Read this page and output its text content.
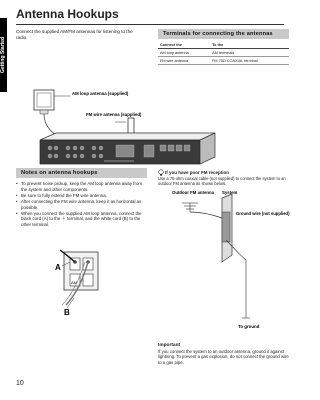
Getting Started
Antenna Hookups
Connect the supplied AM/FM antennas for listening to the radio.
Terminals for connecting the antennas
Connect the	To the
AM loop antenna	AM terminals
FM wire antenna	FM 75Ω COAXIAL terminal
AM loop antenna (supplied)
FM wire antenna (supplied)
AM
A
B
Outdoor FM antenna System
Ground wire (not supplied)
To ground
Notes on antenna hookups
• To prevent noise pickup, keep the AM loop antenna away from the system and other components.
• Be sure to fully extend the FM wire antenna.
• After connecting the FM wire antenna, keep it as horizontal as possible.
• When you connect the supplied AM loop antenna, connect the black cord (A) to the ⏚ terminal, and the white cord (B) to the other terminal.
If you have poor FM reception
Use a 75-ohm coaxial cable (not supplied) to connect the system to an outdoor FM antenna as shown below.
Important
If you connect the system to an outdoor antenna, ground it against lightning. To prevent a gas explosion, do not connect the ground wire to a gas pipe.
10
